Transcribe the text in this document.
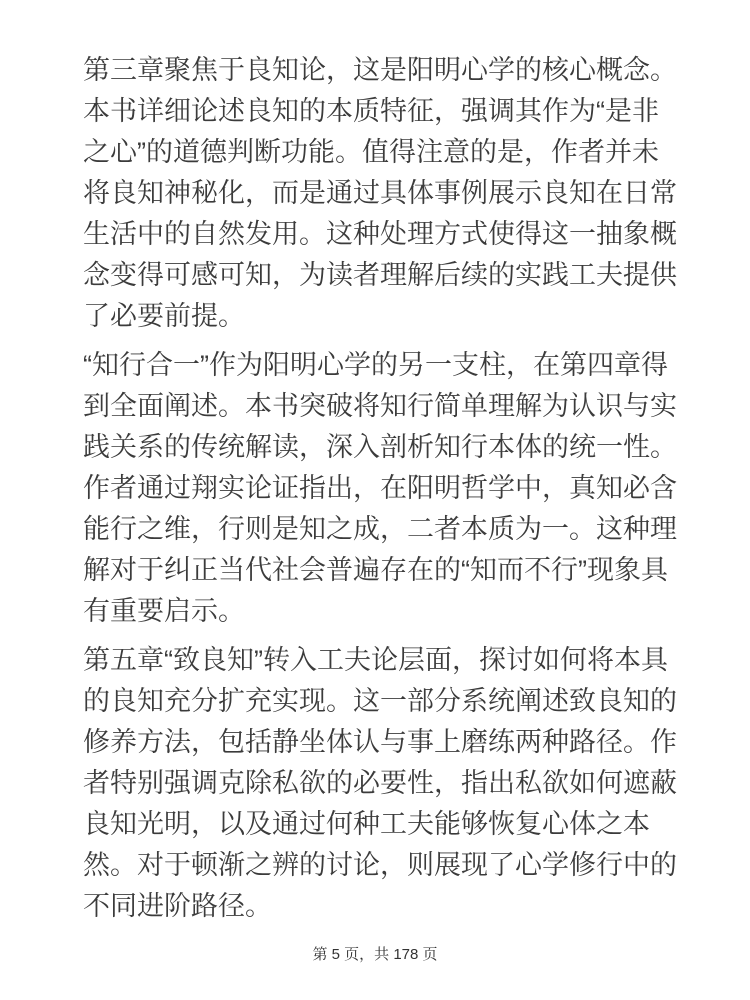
第三章聚焦于良知论，这是阳明心学的核心概念。本书详细论述良知的本质特征，强调其作为“是非之心”的道德判断功能。值得注意的是，作者并未将良知神秘化，而是通过具体事例展示良知在日常生活中的自然发用。这种处理方式使得这一抽象概念变得可感可知，为读者理解后续的实践工夫提供了必要前提。

“知行合一”作为阳明心学的另一支柱，在第四章得到全面阐述。本书突破将知行简单理解为认识与实践关系的传统解读，深入剖析知行本体的统一性。作者通过翔实论证指出，在阳明哲学中，真知必含能行之维，行则是知之成，二者本质为一。这种理解对于纠正当代社会普遍存在的“知而不行”现象具有重要启示。

第五章“致良知”转入工夫论层面，探讨如何将本具的良知充分扩充实现。这一部分系统阐述致良知的修养方法，包括静坐体认与事上磨练两种路径。作者特别强调克除私欲的必要性，指出私欲如何遮蔽良知光明，以及通过何种工夫能够恢复心体之本然。对于顿渐之辨的讨论，则展现了心学修行中的不同进阶路径。

第 5 页，共 178 页
